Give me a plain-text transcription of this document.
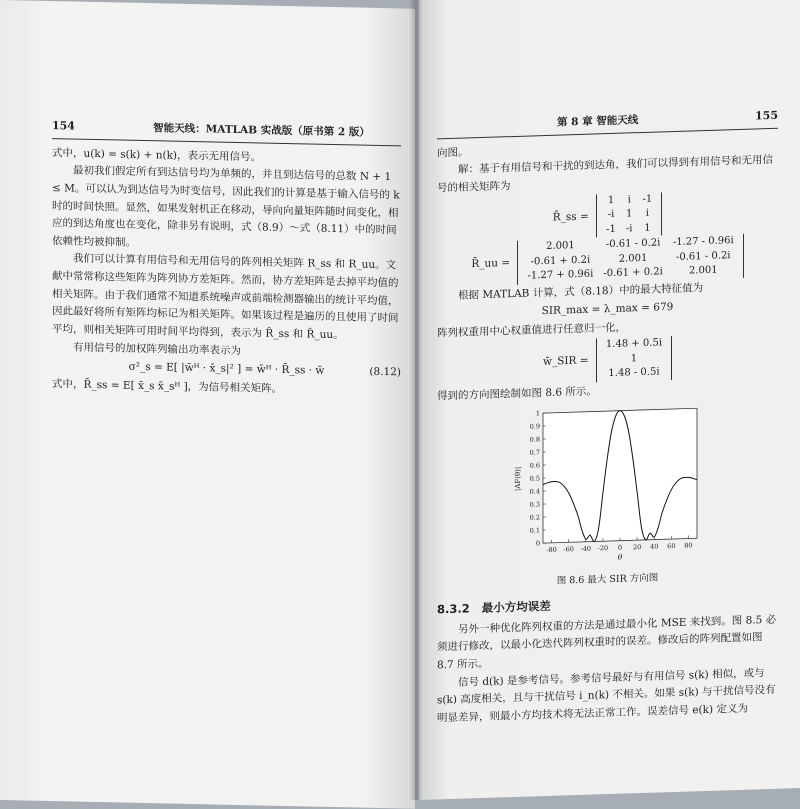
154	智能天线：MATLAB 实战版（原书第 2 版）

式中，u(k) = s(k) + n(k)，表示无用信号。

最初我们假定所有到达信号均为单频的，并且到达信号的总数 N + 1 ≤ M。可以认为到达信号为时变信号，因此我们的计算是基于输入信号的 k 时的时间快照。显然，如果发射机正在移动，导向向量矩阵随时间变化，相应的到达角度也在变化，除非另有说明，式（8.9）～式（8.11）中的时间依赖性均被抑制。

我们可以计算有用信号和无用信号的阵列相关矩阵 R_ss 和 R_uu。文献中常常称这些矩阵为阵列协方差矩阵。然而，协方差矩阵是去掉平均值的相关矩阵。由于我们通常不知道系统噪声或前端检测器输出的统计平均值，因此最好将所有矩阵均标记为相关矩阵。如果该过程是遍历的且使用了时间平均，则相关矩阵可用时间平均得到，表示为 R̂_ss 和 R̂_uu。

有用信号的加权阵列输出功率表示为

σ²_s = E[ |w̄ᴴ · x̄_s|² ] = w̄ᴴ · R̄_ss · w̄	(8.12)

式中，R̄_ss = E[ x̄_s x̄_sᴴ ]，为信号相关矩阵。

第 8 章 智能天线	155

向图。

解：基于有用信号和干扰的到达角，我们可以得到有用信号和无用信号的相关矩阵为

R̄_ss =
1	i	-1
-i	1	i
-1	-i	1
R̄_uu =
2.001	-0.61 - 0.2i	-1.27 - 0.96i
-0.61 + 0.2i	2.001	-0.61 - 0.2i
-1.27 + 0.96i	-0.61 + 0.2i	2.001

根据 MATLAB 计算，式（8.18）中的最大特征值为

SIR_max = λ_max = 679

阵列权重用中心权重值进行任意归一化，

w̄_SIR =
1.48 + 0.5i
1
1.48 - 0.5i

得到的方向图绘制如图 8.6 所示。

-80 -60 -40 -20 0 20 40 60 80
0
0.1
0.2
0.3
0.4
0.5
0.6
0.7
0.8
0.9
1
θ
|AF(θ)|
图 8.6 最大 SIR 方向图
8.3.2 最小方均误差

另外一种优化阵列权重的方法是通过最小化 MSE 来找到。图 8.5 必须进行修改，以最小化迭代阵列权重时的误差。修改后的阵列配置如图 8.7 所示。

信号 d(k) 是参考信号。参考信号最好与有用信号 s(k) 相似，或与 s(k) 高度相关，且与干扰信号 i_n(k) 不相关。如果 s(k) 与干扰信号没有明显差异，则最小方均技术将无法正常工作。误差信号 e(k) 定义为
